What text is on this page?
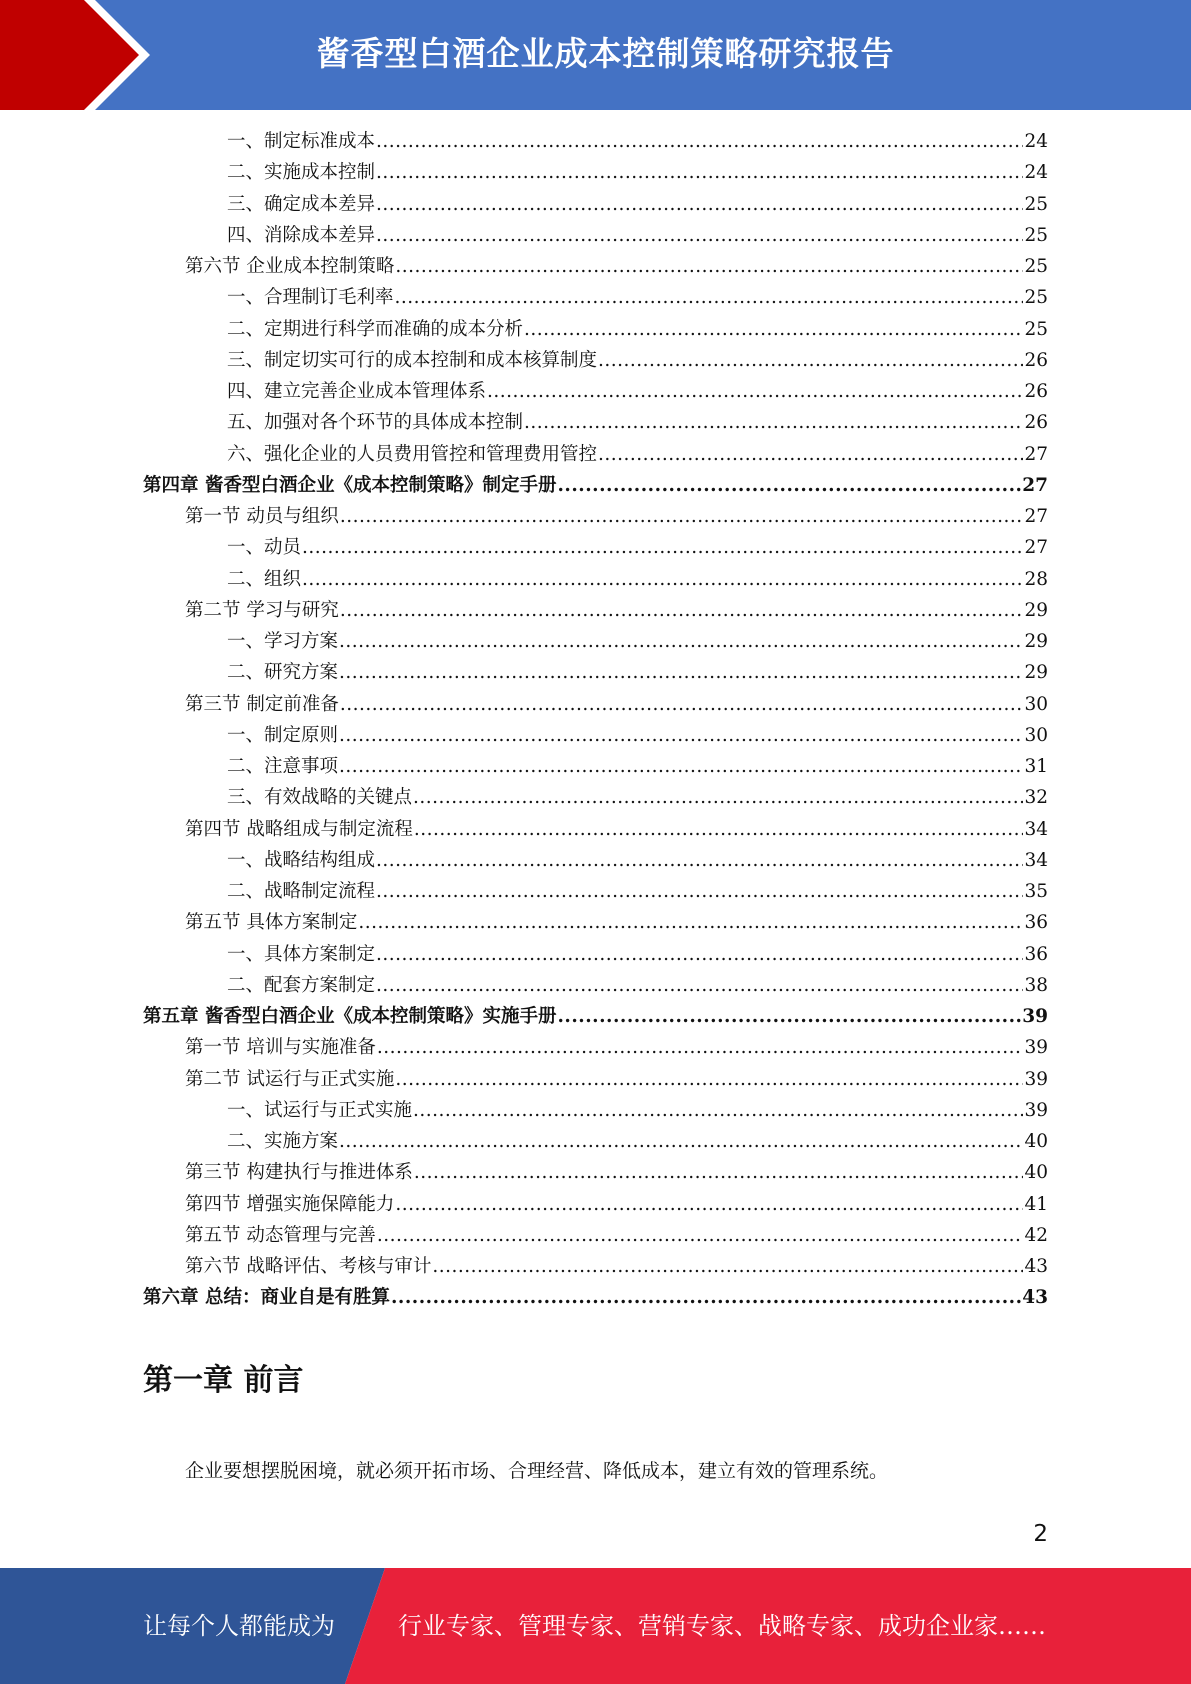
酱香型白酒企业成本控制策略研究报告
一、制定标准成本 .....	24
二、实施成本控制 .....	24
三、确定成本差异 .....	25
四、消除成本差异 .....	25
第六节 企业成本控制策略 .....	25
一、合理制订毛利率 .....	25
二、定期进行科学而准确的成本分析 .....	25
三、制定切实可行的成本控制和成本核算制度 .....	26
四、建立完善企业成本管理体系 .....	26
五、加强对各个环节的具体成本控制 .....	26
六、强化企业的人员费用管控和管理费用管控 .....	27
第四章 酱香型白酒企业《成本控制策略》制定手册 .....	27
第一节 动员与组织 .....	27
一、动员 .....	27
二、组织 .....	28
第二节 学习与研究 .....	29
一、学习方案 .....	29
二、研究方案 .....	29
第三节 制定前准备 .....	30
一、制定原则 .....	30
二、注意事项 .....	31
三、有效战略的关键点 .....	32
第四节 战略组成与制定流程 .....	34
一、战略结构组成 .....	34
二、战略制定流程 .....	35
第五节 具体方案制定 .....	36
一、具体方案制定 .....	36
二、配套方案制定 .....	38
第五章 酱香型白酒企业《成本控制策略》实施手册 .....	39
第一节 培训与实施准备 .....	39
第二节 试运行与正式实施 .....	39
一、试运行与正式实施 .....	39
二、实施方案 .....	40
第三节 构建执行与推进体系 .....	40
第四节 增强实施保障能力 .....	41
第五节 动态管理与完善 .....	42
第六节 战略评估、考核与审计 .....	43
第六章 总结：商业自是有胜算 .....	43
第一章 前言
企业要想摆脱困境，就必须开拓市场、合理经营、降低成本，建立有效的管理系统。
2
让每个人都能成为	行业专家、管理专家、营销专家、战略专家、成功企业家……
